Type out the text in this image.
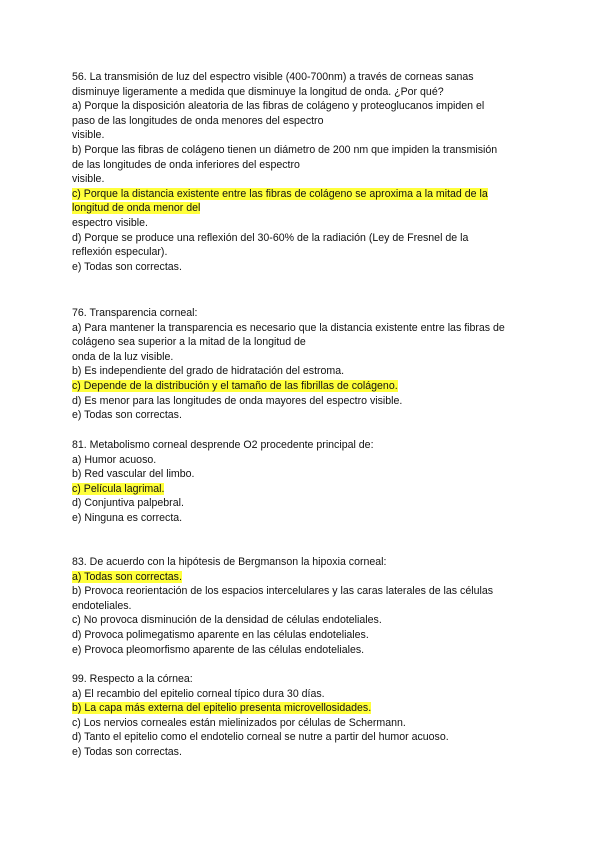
56. La transmisión de luz del espectro visible (400-700nm) a través de corneas sanas
disminuye ligeramente a medida que disminuye la longitud de onda. ¿Por qué?
a) Porque la disposición aleatoria de las fibras de colágeno y proteoglucanos impiden el
paso de las longitudes de onda menores del espectro
visible.
b) Porque las fibras de colágeno tienen un diámetro de 200 nm que impiden la transmisión
de las longitudes de onda inferiores del espectro
visible.
c) Porque la distancia existente entre las fibras de colágeno se aproxima a la mitad de la
longitud de onda menor del
espectro visible.
d) Porque se produce una reflexión del 30-60% de la radiación (Ley de Fresnel de la
reflexión especular).
e) Todas son correctas.
76. Transparencia corneal:
a) Para mantener la transparencia es necesario que la distancia existente entre las fibras de
colágeno sea superior a la mitad de la longitud de
onda de la luz visible.
b) Es independiente del grado de hidratación del estroma.
c) Depende de la distribución y el tamaño de las fibrillas de colágeno.
d) Es menor para las longitudes de onda mayores del espectro visible.
e) Todas son correctas.
81. Metabolismo corneal desprende O2 procedente principal de:
a) Humor acuoso.
b) Red vascular del limbo.
c) Película lagrimal.
d) Conjuntiva palpebral.
e) Ninguna es correcta.
83. De acuerdo con la hipótesis de Bergmanson la hipoxia corneal:
a) Todas son correctas.
b) Provoca reorientación de los espacios intercelulares y las caras laterales de las células
endoteliales.
c) No provoca disminución de la densidad de células endoteliales.
d) Provoca polimegatismo aparente en las células endoteliales.
e) Provoca pleomorfismo aparente de las células endoteliales.
99. Respecto a la córnea:
a) El recambio del epitelio corneal típico dura 30 días.
b) La capa más externa del epitelio presenta microvellosidades.
c) Los nervios corneales están mielinizados por células de Schermann.
d) Tanto el epitelio como el endotelio corneal se nutre a partir del humor acuoso.
e) Todas son correctas.
